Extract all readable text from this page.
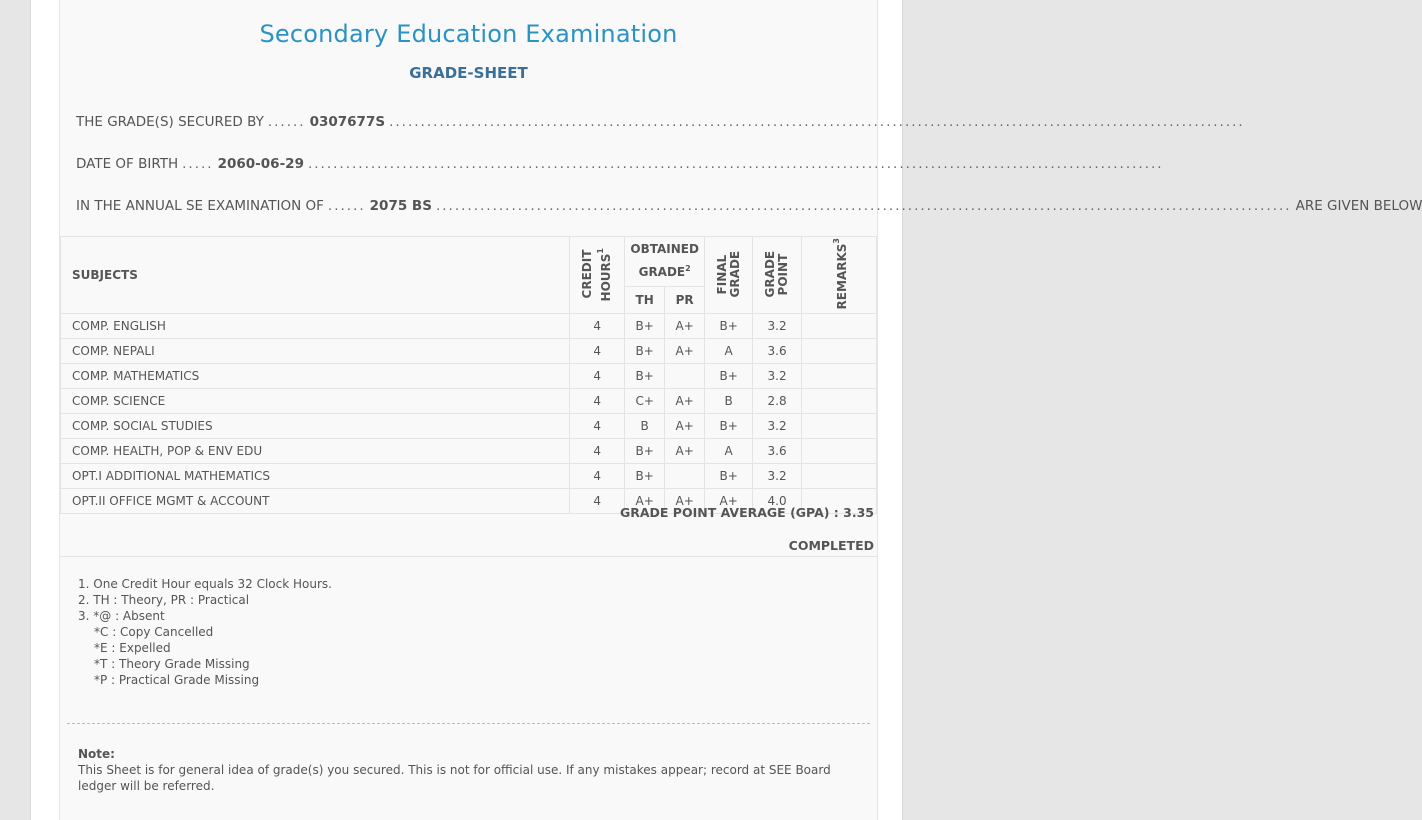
Secondary Education Examination
GRADE-SHEET
THE GRADE(S) SECURED BY ...... 0307677S ........................................................................................................................................
DATE OF BIRTH ..... 2060-06-29 ........................................................................................................................................
IN THE ANNUAL SE EXAMINATION OF ...... 2075 BS ........................................................................................................................................ ARE GIVEN BELOW
SUBJECTS	CREDIT HOURS$^1$	OBTAINED GRADE$^2$		FINAL GRADE	GRADE POINT	REMARKS$^3$
		TH	PR			
COMP. ENGLISH	4	B+	A+	B+	3.2	
COMP. NEPALI	4	B+	A+	A	3.6	
COMP. MATHEMATICS	4	B+		B+	3.2	
COMP. SCIENCE	4	C+	A+	B	2.8	
COMP. SOCIAL STUDIES	4	B	A+	B+	3.2	
COMP. HEALTH, POP & ENV EDU	4	B+	A+	A	3.6	
OPT.I ADDITIONAL MATHEMATICS	4	B+		B+	3.2	
OPT.II OFFICE MGMT & ACCOUNT	4	A+	A+	A+	4.0	
GRADE POINT AVERAGE (GPA) : 3.35
COMPLETED
1. One Credit Hour equals 32 Clock Hours.
2. TH : Theory, PR : Practical
3. *@ : Absent
*C : Copy Cancelled
*E : Expelled
*T : Theory Grade Missing
*P : Practical Grade Missing
Note:
This Sheet is for general idea of grade(s) you secured. This is not for official use. If any mistakes appear; record at SEE Board ledger will be referred.
